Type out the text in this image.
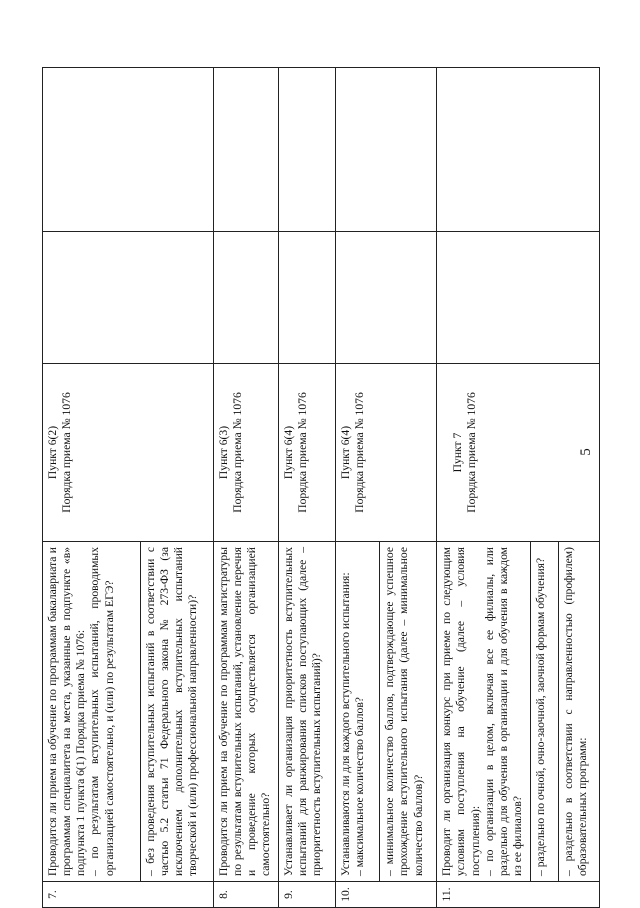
5
7.	Проводится ли прием на обучение по программам бакалавриата и программам специалитета на места, указанные в подпункте «в» подпункта 1 пункта 6(1) Порядка приема № 1076:
– по результатам вступительных испытаний, проводимых организацией самостоятельно, и (или) по результатам ЕГЭ?	Пункт 6(2) Порядка приема № 1076		

	– без проведения вступительных испытаний в соответствии с частью 5.2 статьи 71 Федерального закона № 273-ФЗ (за исключением дополнительных вступительных испытаний творческой и (или) профессиональной направленности)?			
8.	Проводится ли прием на обучение по программам магистратуры по результатам вступительных испытаний, установление перечня и проведение которых осуществляется организацией самостоятельно?	Пункт 6(3) Порядка приема № 1076		

9.	Устанавливает ли организация приоритетность вступительных испытаний для ранжирования списков поступающих (далее – приоритетность вступительных испытаний)?	Пункт 6(4) Порядка приема № 1076		

10.	Устанавливаются ли для каждого вступительного испытания:
– максимальное количество баллов?	Пункт 6(4) Порядка приема № 1076		

	– минимальное количество баллов, подтверждающее успешное прохождение вступительного испытания (далее – минимальное количество баллов)?			
11.	Проводит ли организация конкурс при приеме по следующим условиям поступления на обучение (далее – условия поступления):
– по организации в целом, включая все ее филиалы, или раздельно для обучения в организации и для обучения в каждом из ее филиалов?	Пункт 7 Порядка приема № 1076		

	– раздельно по очной, очно-заочной, заочной формам обучения?			
	– раздельно в соответствии с направленностью (профилем) образовательных программ:			
